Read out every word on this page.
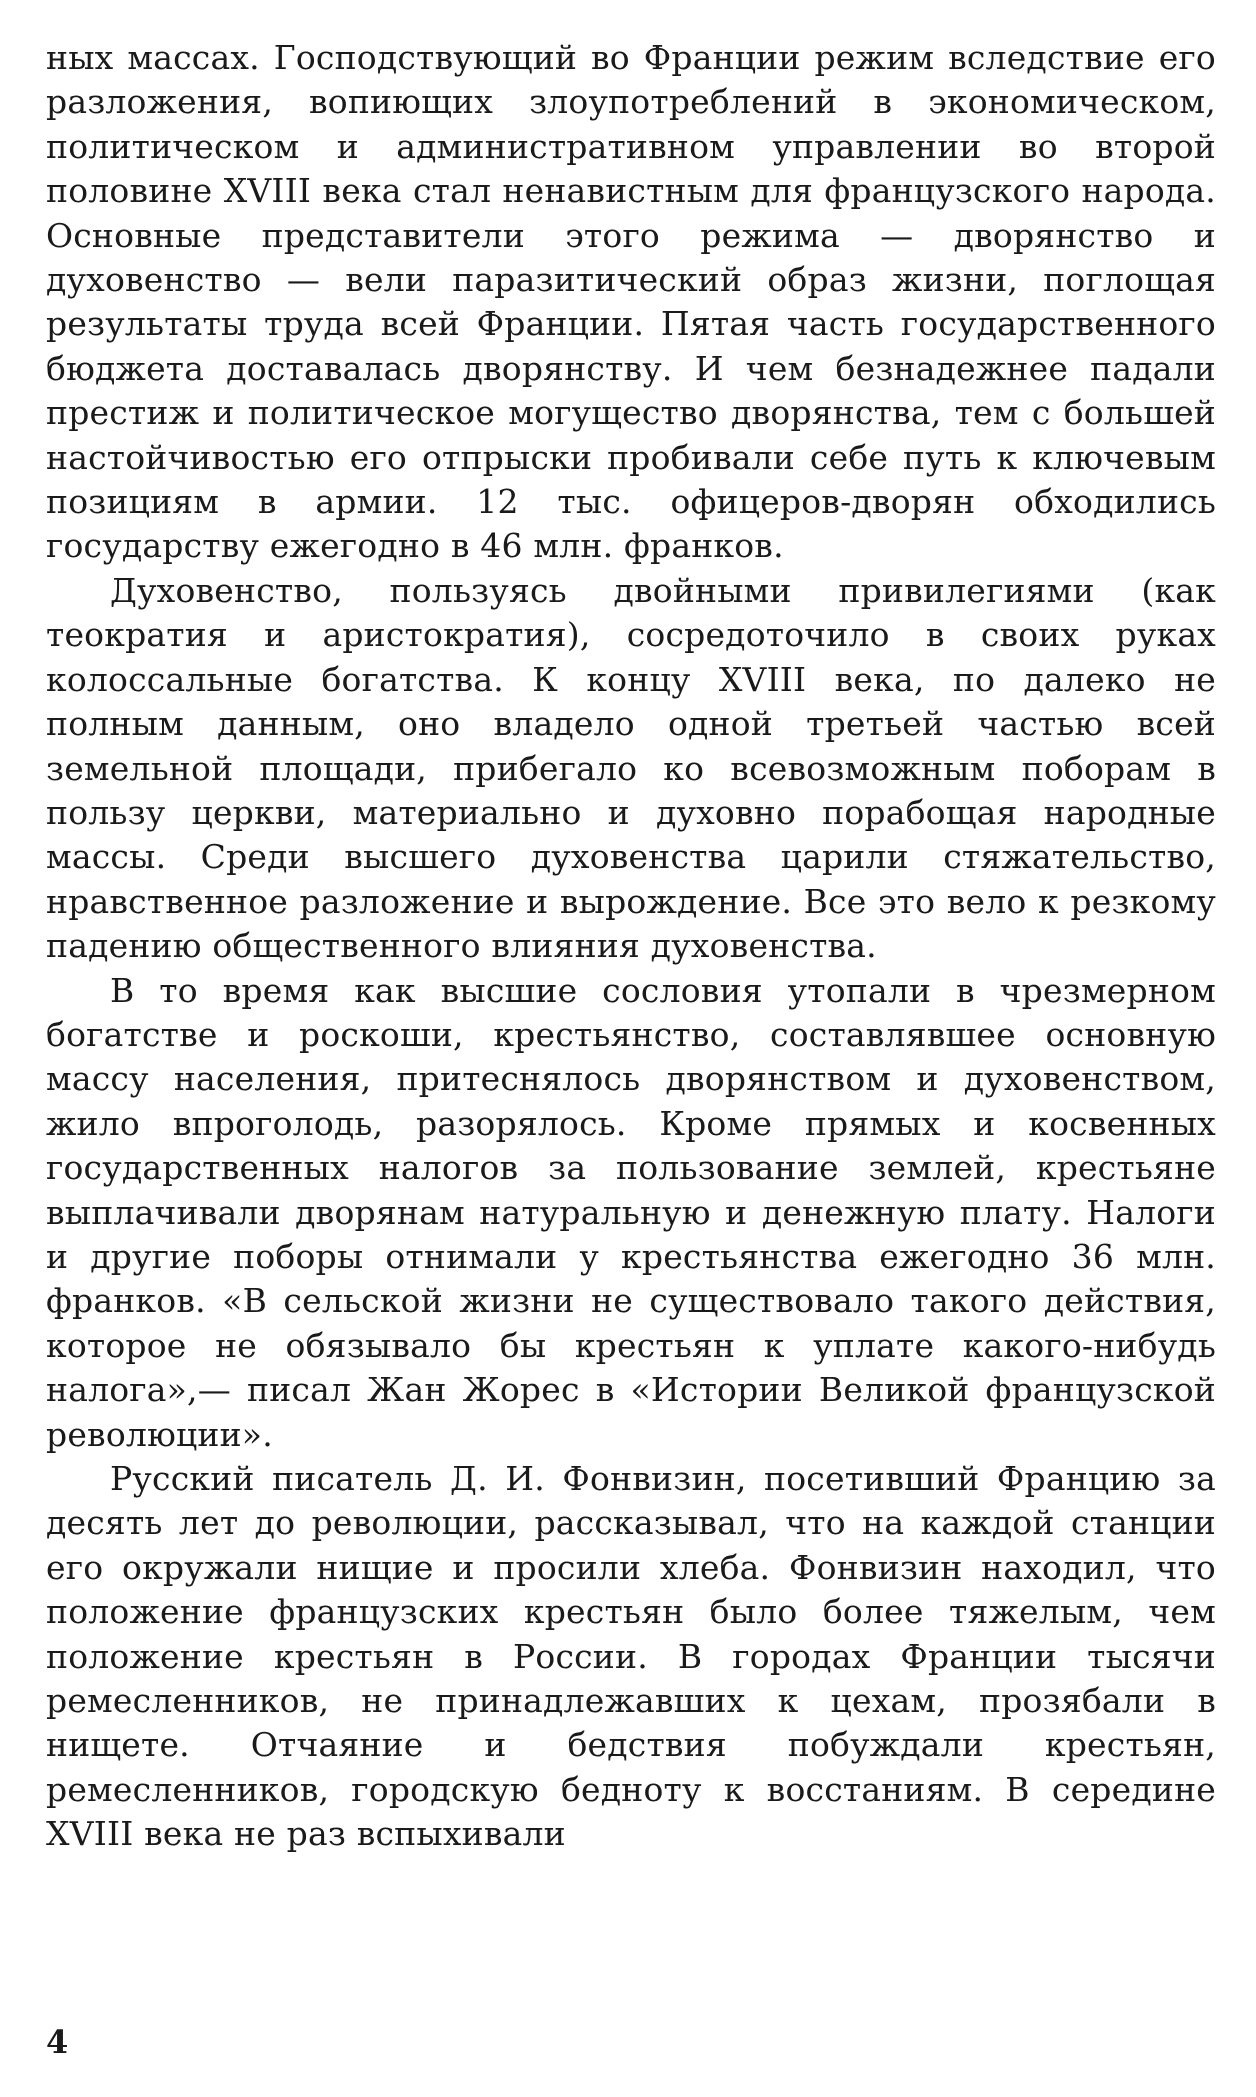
ных массах. Господствующий во Франции режим вследствие его разложения, вопиющих злоупотреблений в экономическом, политическом и административном управлении во второй половине XVIII века стал ненавистным для французского народа. Основные представители этого режима — дворянство и духовенство — вели паразитический образ жизни, поглощая результаты труда всей Франции. Пятая часть государственного бюджета доставалась дворянству. И чем безнадежнее падали престиж и политическое могущество дворянства, тем с большей настойчивостью его отпрыски пробивали себе путь к ключевым позициям в армии. 12 тыс. офицеров-дворян обходились государству ежегодно в 46 млн. франков.

Духовенство, пользуясь двойными привилегиями (как теократия и аристократия), сосредоточило в своих руках колоссальные богатства. К концу XVIII века, по далеко не полным данным, оно владело одной третьей частью всей земельной площади, прибегало ко всевозможным поборам в пользу церкви, материально и духовно порабощая народные массы. Среди высшего духовенства царили стяжательство, нравственное разложение и вырождение. Все это вело к резкому падению общественного влияния духовенства.

В то время как высшие сословия утопали в чрезмерном богатстве и роскоши, крестьянство, составлявшее основную массу населения, притеснялось дворянством и духовенством, жило впроголодь, разорялось. Кроме прямых и косвенных государственных налогов за пользование землей, крестьяне выплачивали дворянам натуральную и денежную плату. Налоги и другие поборы отнимали у крестьянства ежегодно 36 млн. франков. «В сельской жизни не существовало такого действия, которое не обязывало бы крестьян к уплате какого-нибудь налога»,— писал Жан Жорес в «Истории Великой французской революции».

Русский писатель Д. И. Фонвизин, посетивший Францию за десять лет до революции, рассказывал, что на каждой станции его окружали нищие и просили хлеба. Фонвизин находил, что положение французских крестьян было более тяжелым, чем положение крестьян в России. В городах Франции тысячи ремесленников, не принадлежавших к цехам, прозябали в нищете. Отчаяние и бедствия побуждали крестьян, ремесленников, городскую бедноту к восстаниям. В середине XVIII века не раз вспыхивали

4
